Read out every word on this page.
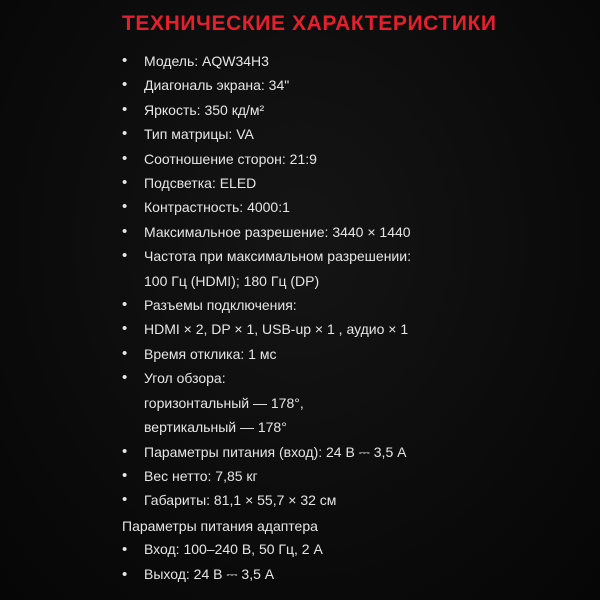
ТЕХНИЧЕСКИЕ ХАРАКТЕРИСТИКИ
• Модель: AQW34H3
• Диагональ экрана: 34"
• Яркость: 350 кд/м²
• Тип матрицы: VA
• Соотношение сторон: 21:9
• Подсветка: ELED
• Контрастность: 4000:1
• Максимальное разрешение: 3440 × 1440
• Частота при максимальном разрешении:
100 Гц (HDMI); 180 Гц (DP)
• Разъемы подключения:
• HDMI × 2, DP × 1, USB-up × 1 , аудио × 1
• Время отклика: 1 мс
• Угол обзора:
горизонтальный — 178°,
вертикальный — 178°
• Параметры питания (вход): 24 В ⎓ 3,5 А
• Вес нетто: 7,85 кг
• Габариты: 81,1 × 55,7 × 32 см
Параметры питания адаптера
• Вход: 100–240 В, 50 Гц, 2 А
• Выход: 24 В ⎓ 3,5 А
